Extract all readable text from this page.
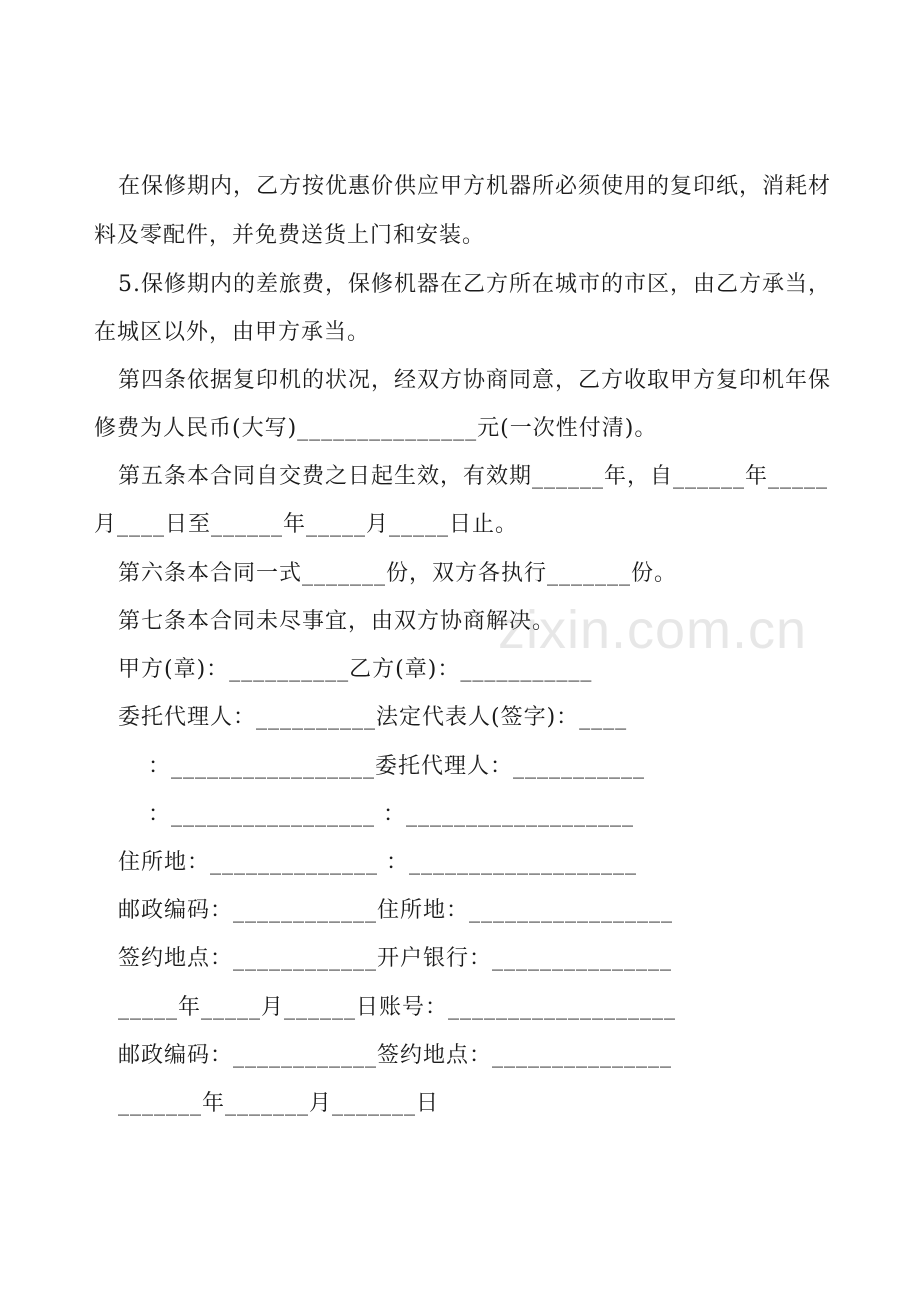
在保修期内，乙方按优惠价供应甲方机器所必须使用的复印纸，消耗材
料及零配件，并免费送货上门和安装。
5.保修期内的差旅费，保修机器在乙方所在城市的市区，由乙方承当，
在城区以外，由甲方承当。
第四条依据复印机的状况，经双方协商同意，乙方收取甲方复印机年保
修费为人民币(大写)_______________元(一次性付清)。
第五条本合同自交费之日起生效，有效期______年，自______年_____
月____日至______年_____月_____日止。
第六条本合同一式_______份，双方各执行_______份。
第七条本合同未尽事宜，由双方协商解决。
甲方(章)：__________乙方(章)：___________
委托代理人：__________法定代表人(签字)：____
：_________________委托代理人：___________
：_________________ ：___________________
住所地：______________ ：___________________
邮政编码：____________住所地：_________________
签约地点：____________开户银行：_______________
_____年_____月______日账号：___________________
邮政编码：____________签约地点：_______________
_______年_______月_______日
zixin.com.cn
